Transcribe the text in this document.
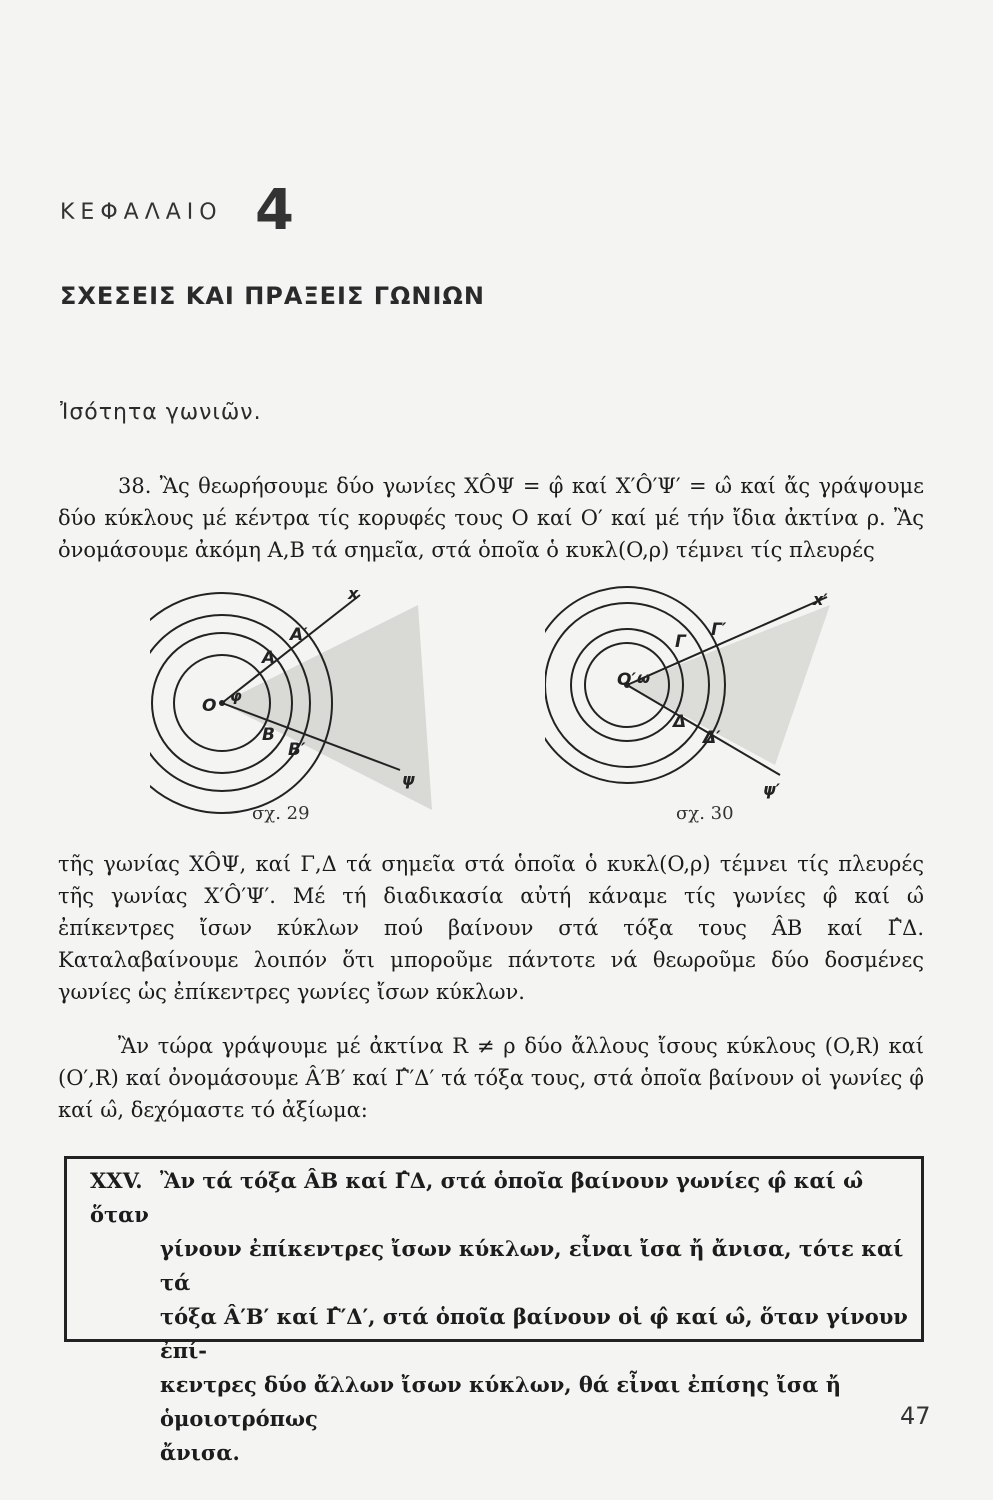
ΚΕΦΑΛΑΙΟ 4
ΣΧΕΣΕΙΣ ΚΑΙ ΠΡΑΞΕΙΣ ΓΩΝΙΩΝ
Ἰσότητα γωνιῶν.
38. Ἂς θεωρήσουμε δύο γωνίες XÔΨ = φ̂ καί X′Ô′Ψ′ = ω̂ καί ἄς γράψουμε δύο κύκλους μέ κέντρα τίς κορυφές τους O καί O′ καί μέ τήν ἴδια ἀκτίνα ρ. Ἂς ὀνομάσουμε ἀκόμη A,B τά σημεῖα, στά ὁποῖα ὁ κυκλ(O,ρ) τέμνει τίς πλευρές
x
ψ
A
A′
B
B′
O φ
σχ. 29
x′
ψ′
Γ
Γ′
Δ
Δ′
O′ ω
σχ. 30
τῆς γωνίας XÔΨ, καί Γ,Δ τά σημεῖα στά ὁποῖα ὁ κυκλ(O,ρ) τέμνει τίς πλευρές τῆς γωνίας X′Ô′Ψ′. Μέ τή διαδικασία αὐτή κάναμε τίς γωνίες φ̂ καί ω̂ ἐπίκεντρες ἴσων κύκλων πού βαίνουν στά τόξα τους ÂB καί Γ̂Δ. Καταλαβαίνουμε λοιπόν ὅτι μποροῦμε πάντοτε νά θεωροῦμε δύο δοσμένες γωνίες ὡς ἐπίκεντρες γωνίες ἴσων κύκλων.
Ἂν τώρα γράψουμε μέ ἀκτίνα R ≠ ρ δύο ἄλλους ἴσους κύκλους (O,R) καί (O′,R) καί ὀνομάσουμε Â′B′ καί Γ̂′Δ′ τά τόξα τους, στά ὁποῖα βαίνουν οἱ γωνίες φ̂ καί ω̂, δεχόμαστε τό ἀξίωμα:
XXV. Ἂν τά τόξα ÂB καί Γ̂Δ, στά ὁποῖα βαίνουν γωνίες φ̂ καί ω̂ ὅταν
γίνουν ἐπίκεντρες ἴσων κύκλων, εἶναι ἴσα ἤ ἄνισα, τότε καί τά
τόξα Â′B′ καί Γ̂′Δ′, στά ὁποῖα βαίνουν οἱ φ̂ καί ω̂, ὅταν γίνουν ἐπί-
κεντρες δύο ἄλλων ἴσων κύκλων, θά εἶναι ἐπίσης ἴσα ἤ ὁμοιοτρόπως
ἄνισα.
47
